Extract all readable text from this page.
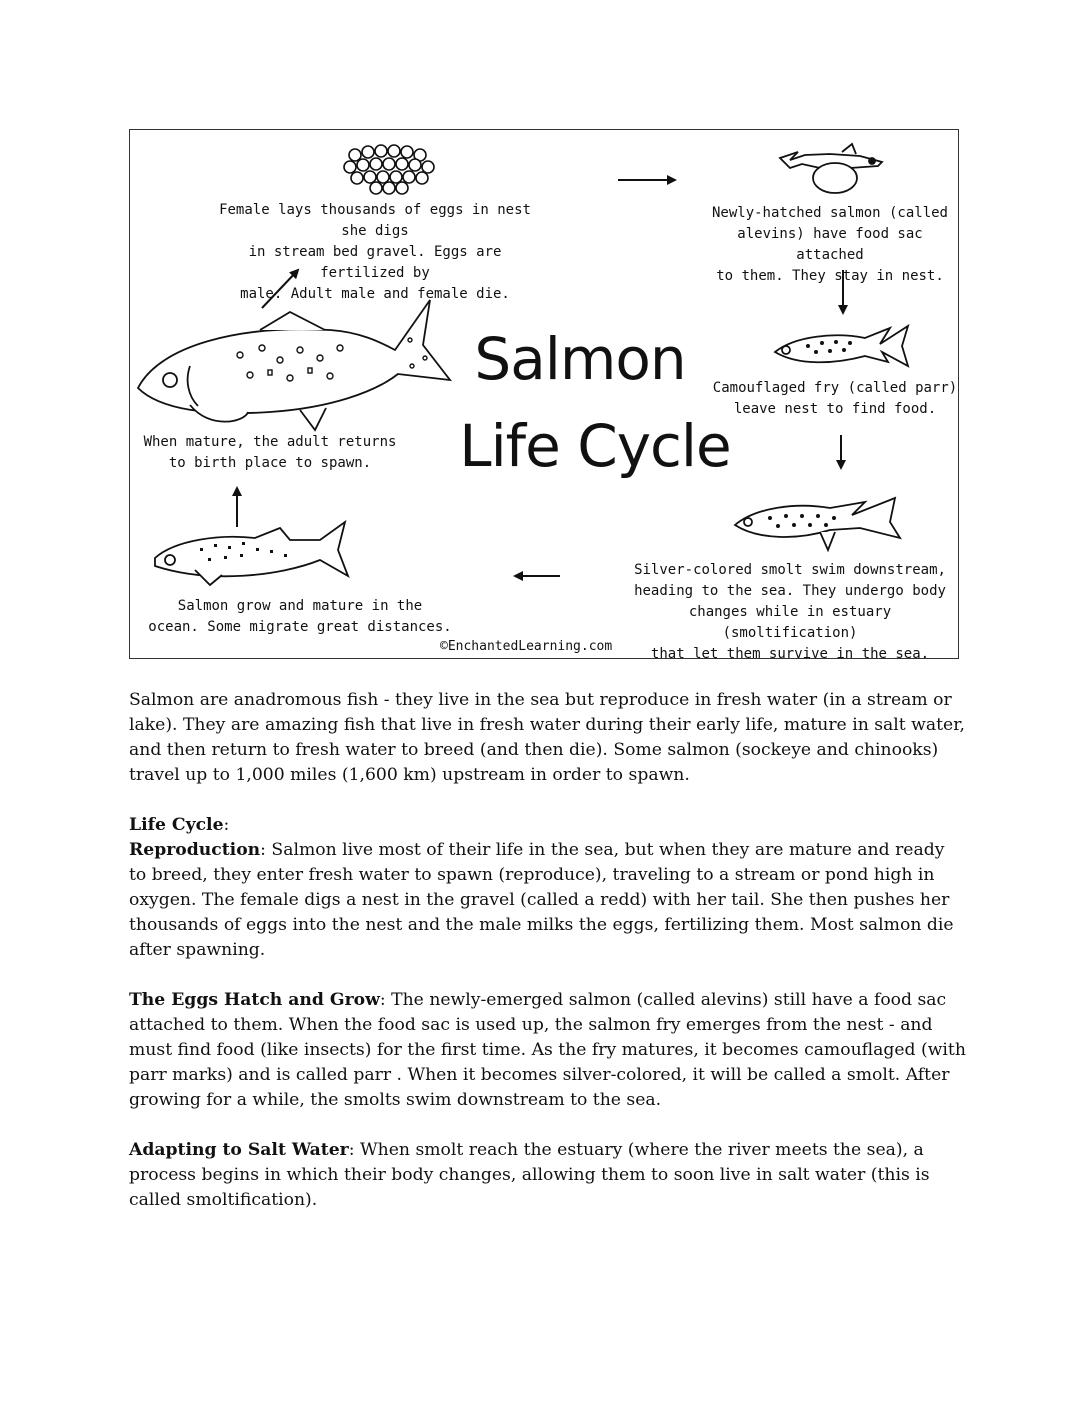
Female lays thousands of eggs in nest she digs
in stream bed gravel. Eggs are fertilized by
male. Adult male and female die.

Newly-hatched salmon (called
alevins) have food sac attached
to them. They stay in nest.

Camouflaged fry (called parr)
leave nest to find food.

Silver-colored smolt swim downstream,
heading to the sea. They undergo body
changes while in estuary (smoltification)
that let them survive in the sea.

Salmon grow and mature in the
ocean. Some migrate great distances.

When mature, the adult returns
to birth place to spawn.

Salmon

Life Cycle

©EnchantedLearning.com

Salmon are anadromous fish - they live in the sea but reproduce in fresh water (in a stream or lake). They are amazing fish that live in fresh water during their early life, mature in salt water, and then return to fresh water to breed (and then die). Some salmon (sockeye and chinooks) travel up to 1,000 miles (1,600 km) upstream in order to spawn.

Life Cycle:

Reproduction: Salmon live most of their life in the sea, but when they are mature and ready to breed, they enter fresh water to spawn (reproduce), traveling to a stream or pond high in oxygen. The female digs a nest in the gravel (called a redd) with her tail. She then pushes her thousands of eggs into the nest and the male milks the eggs, fertilizing them. Most salmon die after spawning.

The Eggs Hatch and Grow: The newly-emerged salmon (called alevins) still have a food sac attached to them. When the food sac is used up, the salmon fry emerges from the nest - and must find food (like insects) for the first time. As the fry matures, it becomes camouflaged (with parr marks) and is called parr . When it becomes silver-colored, it will be called a smolt. After growing for a while, the smolts swim downstream to the sea.

Adapting to Salt Water: When smolt reach the estuary (where the river meets the sea), a process begins in which their body changes, allowing them to soon live in salt water (this is called smoltification).
